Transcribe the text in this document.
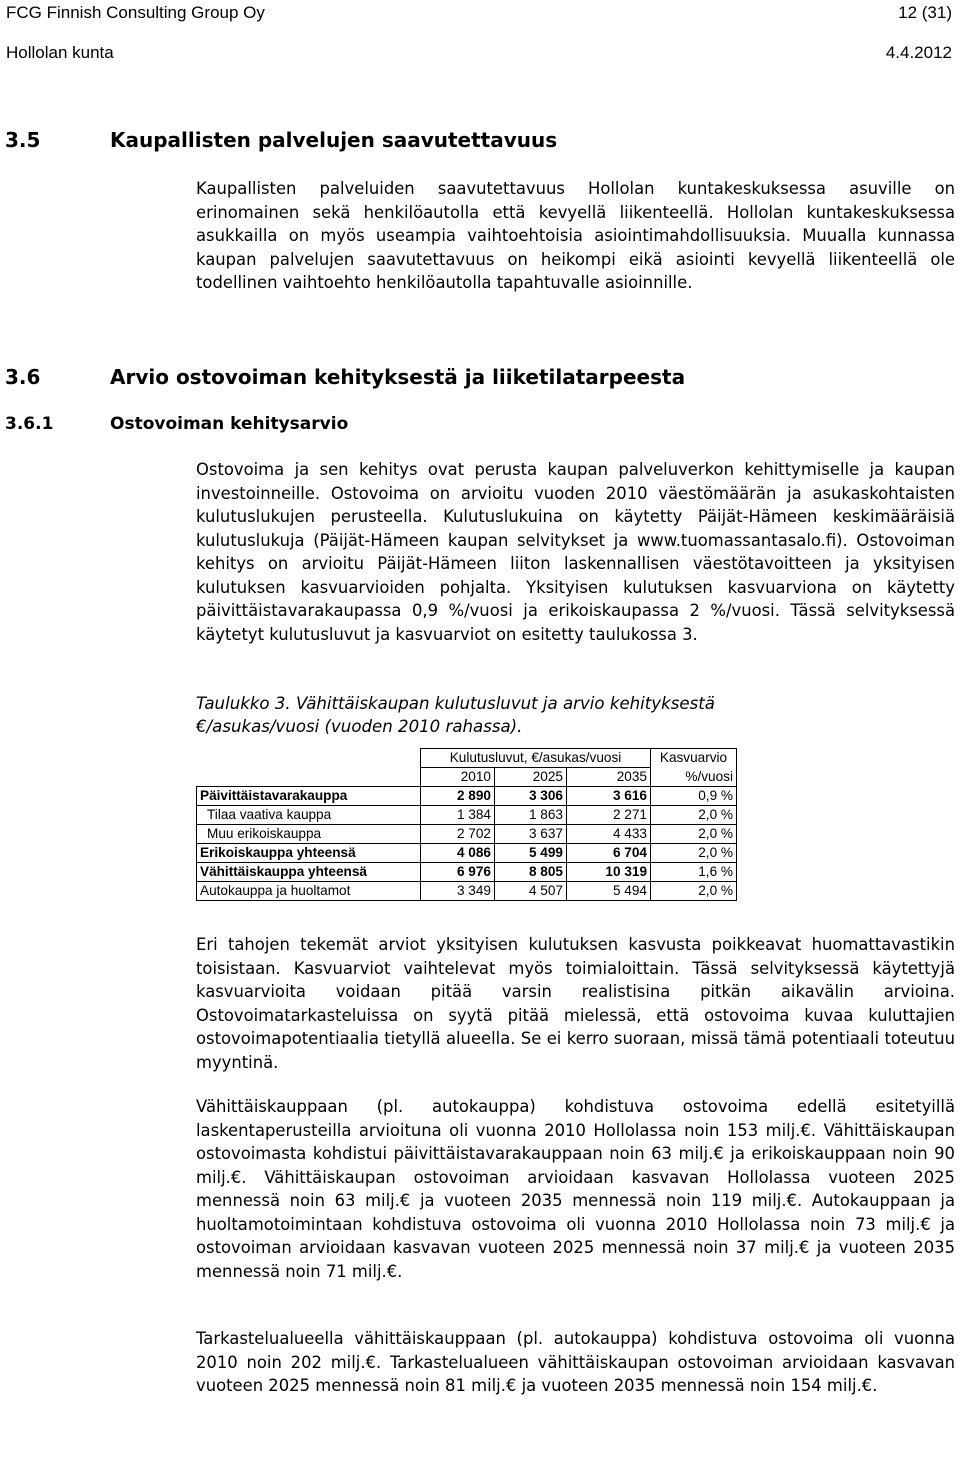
FCG Finnish Consulting Group Oy	12 (31)
Hollolan kunta	4.4.2012
3.5	Kaupallisten palvelujen saavutettavuus
Kaupallisten palveluiden saavutettavuus Hollolan kuntakeskuksessa asuville on erinomainen sekä henkilöautolla että kevyellä liikenteellä. Hollolan kuntakeskuksessa asukkailla on myös useampia vaihtoehtoisia asiointimahdollisuuksia. Muualla kunnassa kaupan palvelujen saavutettavuus on heikompi eikä asiointi kevyellä liikenteellä ole todellinen vaihtoehto henkilöautolla tapahtuvalle asioinnille.
3.6	Arvio ostovoiman kehityksestä ja liiketilatarpeesta
3.6.1	Ostovoiman kehitysarvio
Ostovoima ja sen kehitys ovat perusta kaupan palveluverkon kehittymiselle ja kaupan investoinneille. Ostovoima on arvioitu vuoden 2010 väestömäärän ja asukaskohtaisten kulutuslukujen perusteella. Kulutuslukuina on käytetty Päijät-Hämeen keskimääräisiä kulutuslukuja (Päijät-Hämeen kaupan selvitykset ja www.tuomassantasalo.fi). Ostovoiman kehitys on arvioitu Päijät-Hämeen liiton laskennallisen väestötavoitteen ja yksityisen kulutuksen kasvuarvioiden pohjalta. Yksityisen kulutuksen kasvuarviona on käytetty päivittäistavarakaupassa 0,9 %/vuosi ja erikoiskaupassa 2 %/vuosi. Tässä selvityksessä käytetyt kulutusluvut ja kasvuarviot on esitetty taulukossa 3.
Taulukko 3. Vähittäiskaupan kulutusluvut ja arvio kehityksestä
€/asukas/vuosi (vuoden 2010 rahassa).
	Kulutusluvut, €/asukas/vuosi			Kasvuarvio
	2010	2025	2035	%/vuosi
Päivittäistavarakauppa	2 890	3 306	3 616	0,9 %
Tilaa vaativa kauppa	1 384	1 863	2 271	2,0 %
Muu erikoiskauppa	2 702	3 637	4 433	2,0 %
Erikoiskauppa yhteensä	4 086	5 499	6 704	2,0 %
Vähittäiskauppa yhteensä	6 976	8 805	10 319	1,6 %
Autokauppa ja huoltamot	3 349	4 507	5 494	2,0 %
Eri tahojen tekemät arviot yksityisen kulutuksen kasvusta poikkeavat huomattavastikin toisistaan. Kasvuarviot vaihtelevat myös toimialoittain. Tässä selvityksessä käytettyjä kasvuarvioita voidaan pitää varsin realistisina pitkän aikavälin arvioina. Ostovoimatarkasteluissa on syytä pitää mielessä, että ostovoima kuvaa kuluttajien ostovoimapotentiaalia tietyllä alueella. Se ei kerro suoraan, missä tämä potentiaali toteutuu myyntinä.
Vähittäiskauppaan (pl. autokauppa) kohdistuva ostovoima edellä esitetyillä laskentaperusteilla arvioituna oli vuonna 2010 Hollolassa noin 153 milj.€. Vähittäiskaupan ostovoimasta kohdistui päivittäistavarakauppaan noin 63 milj.€ ja erikoiskauppaan noin 90 milj.€. Vähittäiskaupan ostovoiman arvioidaan kasvavan Hollolassa vuoteen 2025 mennessä noin 63 milj.€ ja vuoteen 2035 mennessä noin 119 milj.€. Autokauppaan ja huoltamotoimintaan kohdistuva ostovoima oli vuonna 2010 Hollolassa noin 73 milj.€ ja ostovoiman arvioidaan kasvavan vuoteen 2025 mennessä noin 37 milj.€ ja vuoteen 2035 mennessä noin 71 milj.€.
Tarkastelualueella vähittäiskauppaan (pl. autokauppa) kohdistuva ostovoima oli vuonna 2010 noin 202 milj.€. Tarkastelualueen vähittäiskaupan ostovoiman arvioidaan kasvavan vuoteen 2025 mennessä noin 81 milj.€ ja vuoteen 2035 mennessä noin 154 milj.€.
